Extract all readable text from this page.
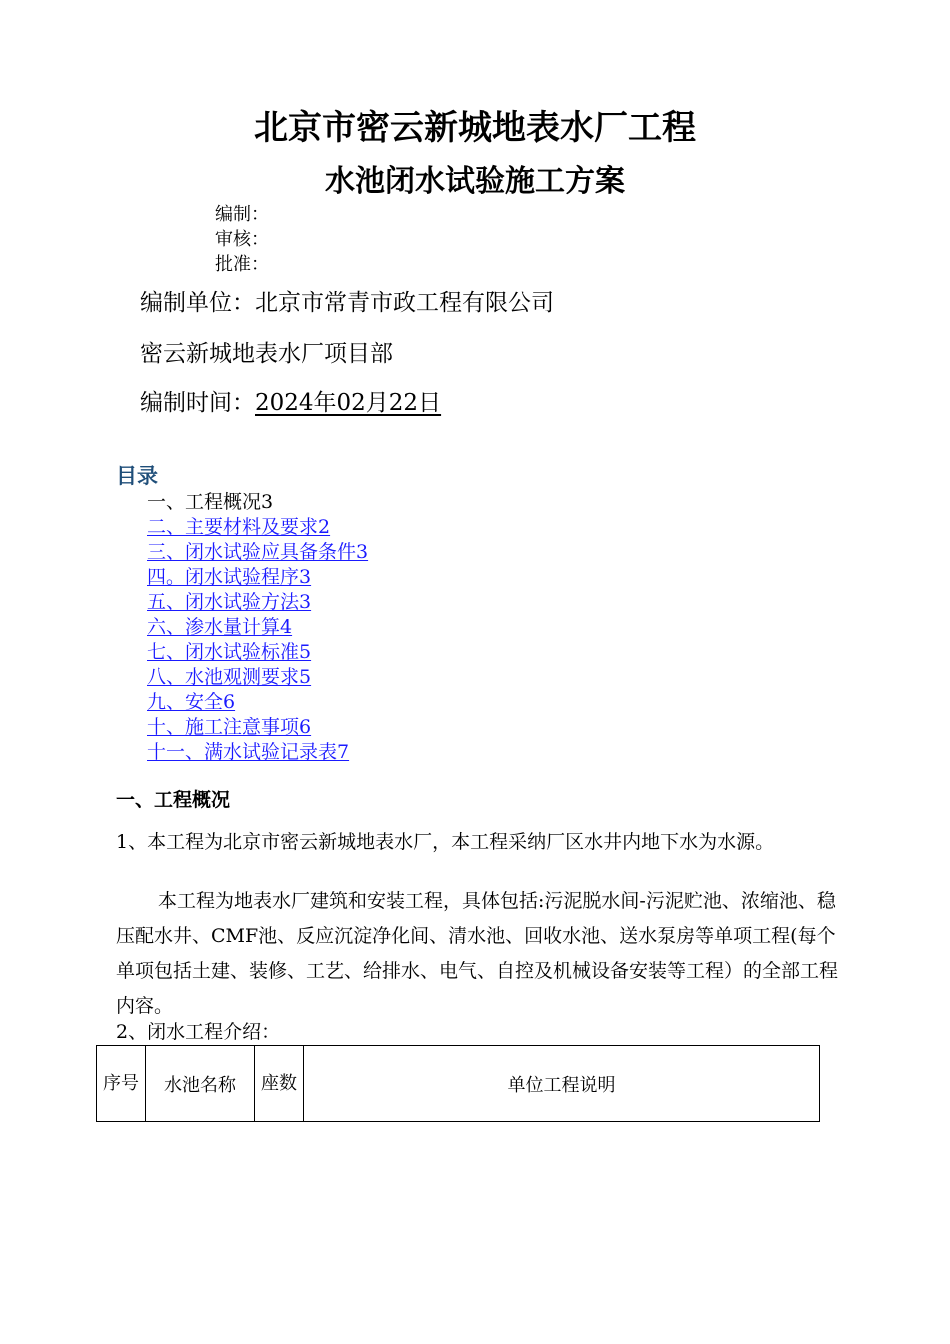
北京市密云新城地表水厂工程
水池闭水试验施工方案
编制：
审核：
批准：
编制单位：北京市常青市政工程有限公司
密云新城地表水厂项目部
编制时间：2024年02月22日
目录
一、工程概况3
二、主要材料及要求2
三、闭水试验应具备条件3
四。闭水试验程序3
五、闭水试验方法3
六、渗水量计算4
七、闭水试验标准5
八、水池观测要求5
九、安全6
十、施工注意事项6
十一、满水试验记录表7
一、工程概况
1、本工程为北京市密云新城地表水厂，本工程采纳厂区水井内地下水为水源。
本工程为地表水厂建筑和安装工程，具体包括:污泥脱水间-污泥贮池、浓缩池、稳压配水井、CMF池、反应沉淀净化间、清水池、回收水池、送水泵房等单项工程(每个单项包括土建、装修、工艺、给排水、电气、自控及机械设备安装等工程）的全部工程内容。
2、闭水工程介绍：
序号	水池名称	座数	单位工程说明
